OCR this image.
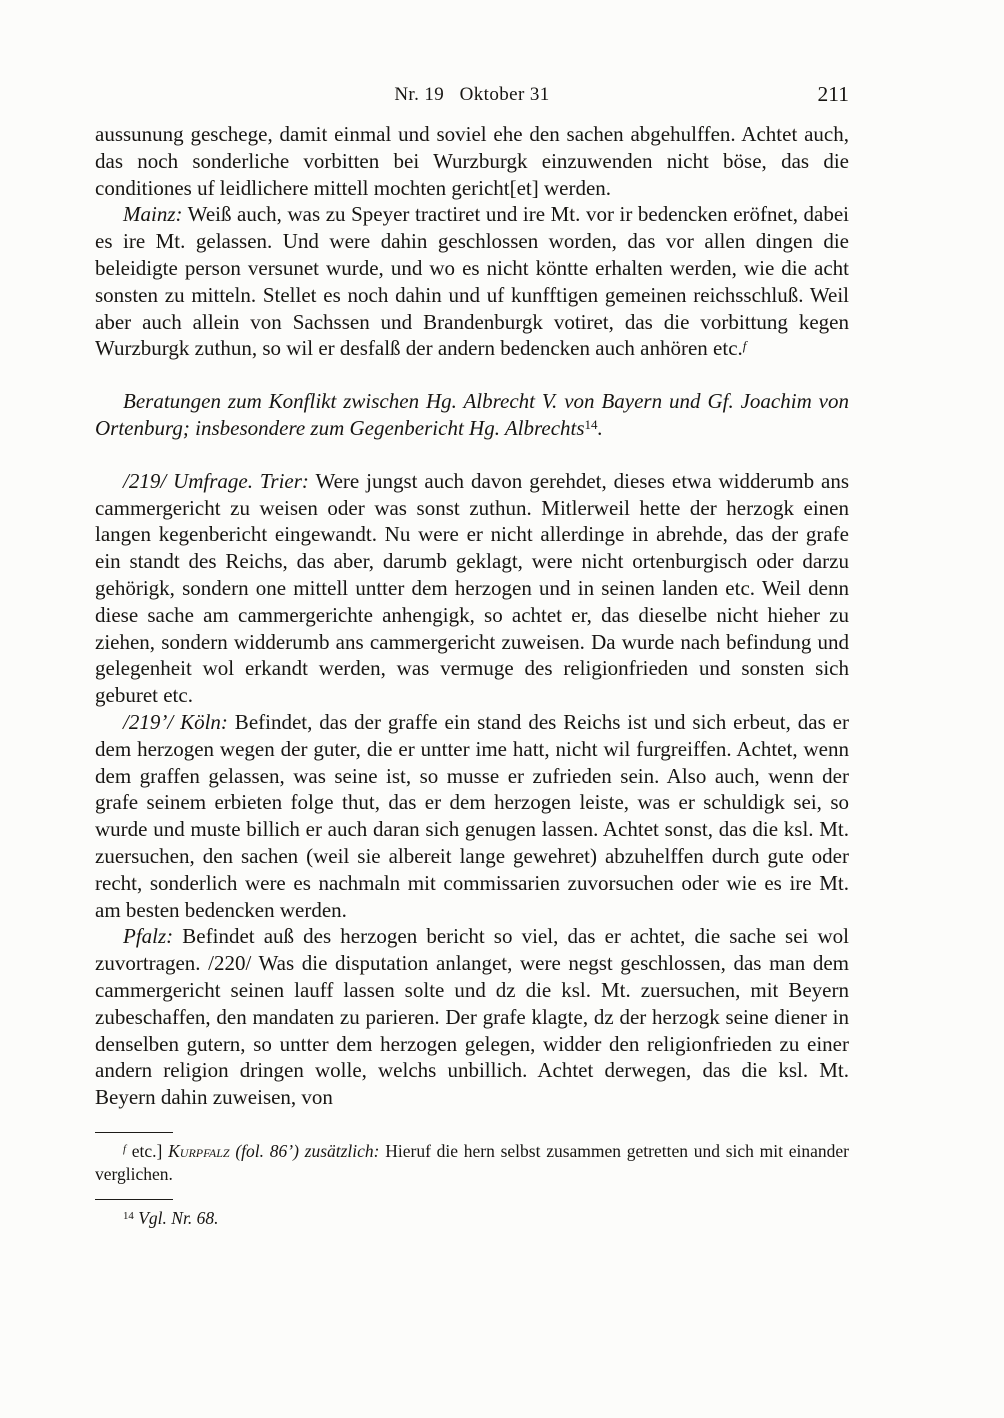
Nr. 19   Oktober 31	211

aussunung geschege, damit einmal und soviel ehe den sachen abgehulffen. Achtet auch, das noch sonderliche vorbitten bei Wurzburgk einzuwenden nicht böse, das die conditiones uf leidlichere mittell mochten gericht[et] werden.

Mainz: Weiß auch, was zu Speyer tractiret und ire Mt. vor ir bedencken eröfnet, dabei es ire Mt. gelassen. Und were dahin geschlossen worden, das vor allen dingen die beleidigte person versunet wurde, und wo es nicht köntte erhalten werden, wie die acht sonsten zu mitteln. Stellet es noch dahin und uf kunfftigen gemeinen reichsschluß. Weil aber auch allein von Sachssen und Brandenburgk votiret, das die vorbittung kegen Wurzburgk zuthun, so wil er desfalß der andern bedencken auch anhören etc.$^f$

Beratungen zum Konflikt zwischen Hg. Albrecht V. von Bayern und Gf. Joachim von Ortenburg; insbesondere zum Gegenbericht Hg. Albrechts$^{14}$.

/219/ Umfrage. Trier: Were jungst auch davon gerehdet, dieses etwa widderumb ans cammergericht zu weisen oder was sonst zuthun. Mitlerweil hette der herzogk einen langen kegenbericht eingewandt. Nu were er nicht allerdinge in abrehde, das der grafe ein standt des Reichs, das aber, darumb geklagt, were nicht ortenburgisch oder darzu gehörigk, sondern one mittell untter dem herzogen und in seinen landen etc. Weil denn diese sache am cammergerichte anhengigk, so achtet er, das dieselbe nicht hieher zu ziehen, sondern widderumb ans cammergericht zuweisen. Da wurde nach befindung und gelegenheit wol erkandt werden, was vermuge des religionfrieden und sonsten sich geburet etc.

/219’/ Köln: Befindet, das der graffe ein stand des Reichs ist und sich erbeut, das er dem herzogen wegen der guter, die er untter ime hatt, nicht wil furgreiffen. Achtet, wenn dem graffen gelassen, was seine ist, so musse er zufrieden sein. Also auch, wenn der grafe seinem erbieten folge thut, das er dem herzogen leiste, was er schuldigk sei, so wurde und muste billich er auch daran sich genugen lassen. Achtet sonst, das die ksl. Mt. zuersuchen, den sachen (weil sie albereit lange gewehret) abzuhelffen durch gute oder recht, sonderlich were es nachmaln mit commissarien zuvorsuchen oder wie es ire Mt. am besten bedencken werden.

Pfalz: Befindet auß des herzogen bericht so viel, das er achtet, die sache sei wol zuvortragen. /220/ Was die disputation anlanget, were negst geschlossen, das man dem cammergericht seinen lauff lassen solte und dz die ksl. Mt. zuersuchen, mit Beyern zubeschaffen, den mandaten zu parieren. Der grafe klagte, dz der herzogk seine diener in denselben gutern, so untter dem herzogen gelegen, widder den religionfrieden zu einer andern religion dringen wolle, welchs unbillich. Achtet derwegen, das die ksl. Mt. Beyern dahin zuweisen, von

$^f$ etc.] Kurpfalz (fol. 86’) zusätzlich: Hieruf die hern selbst zusammen getretten und sich mit einander verglichen.

$^{14}$ Vgl. Nr. 68.
